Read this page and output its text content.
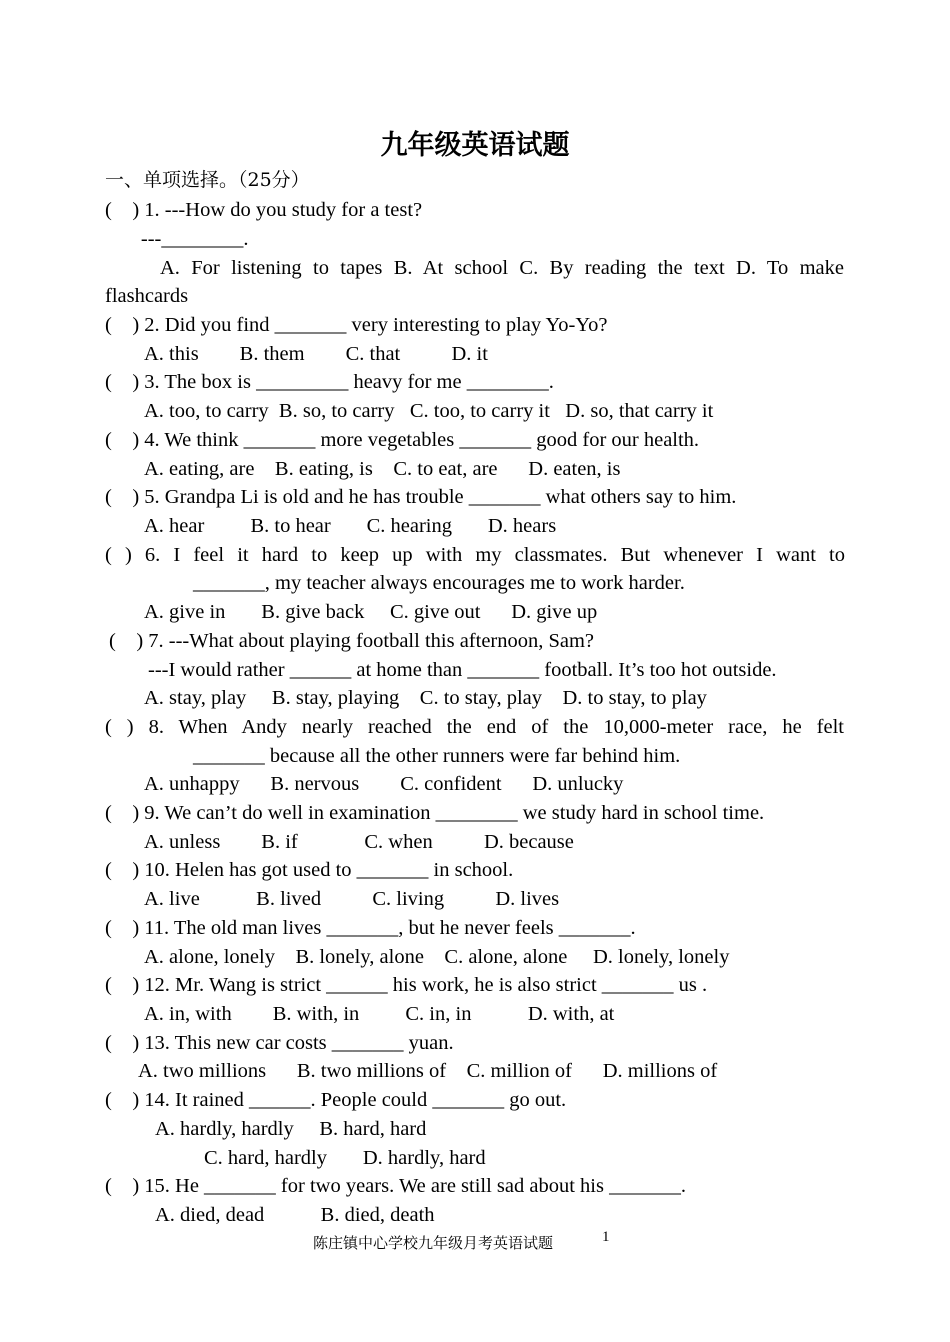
九年级英语试题
一、单项选择。（25分）
(    ) 1. ---How do you study for a test?
---________.
A. For listening to tapes B. At school C. By reading the text D. To make
flashcards
(    ) 2. Did you find _______ very interesting to play Yo-Yo?
A. this        B. them        C. that          D. it
(    ) 3. The box is _________ heavy for me ________.
A. too, to carry  B. so, to carry   C. too, to carry it   D. so, that carry it
(    ) 4. We think _______ more vegetables _______ good for our health.
A. eating, are    B. eating, is    C. to eat, are      D. eaten, is
(    ) 5. Grandpa Li is old and he has trouble _______ what others say to him.
A. hear         B. to hear       C. hearing       D. hears
( ) 6. I feel it hard to keep up with my classmates. But whenever I want to
_______, my teacher always encourages me to work harder.
A. give in       B. give back     C. give out      D. give up
(    ) 7. ---What about playing football this afternoon, Sam?
---I would rather ______ at home than _______ football. It’s too hot outside.
A. stay, play     B. stay, playing    C. to stay, play    D. to stay, to play
( ) 8. When Andy nearly reached the end of the 10,000-meter race, he felt
_______ because all the other runners were far behind him.
A. unhappy      B. nervous        C. confident      D. unlucky
(    ) 9. We can’t do well in examination ________ we study hard in school time.
A. unless        B. if             C. when          D. because
(    ) 10. Helen has got used to _______ in school.
A. live           B. lived          C. living          D. lives
(    ) 11. The old man lives _______, but he never feels _______.
A. alone, lonely    B. lonely, alone    C. alone, alone     D. lonely, lonely
(    ) 12. Mr. Wang is strict ______ his work, he is also strict _______ us .
A. in, with        B. with, in         C. in, in           D. with, at
(    ) 13. This new car costs _______ yuan.
A. two millions      B. two millions of    C. million of      D. millions of
(    ) 14. It rained ______. People could _______ go out.
A. hardly, hardly     B. hard, hard
C. hard, hardly       D. hardly, hard
(    ) 15. He _______ for two years. We are still sad about his _______.
A. died, dead           B. died, death
陈庄镇中心学校九年级月考英语试题	1
